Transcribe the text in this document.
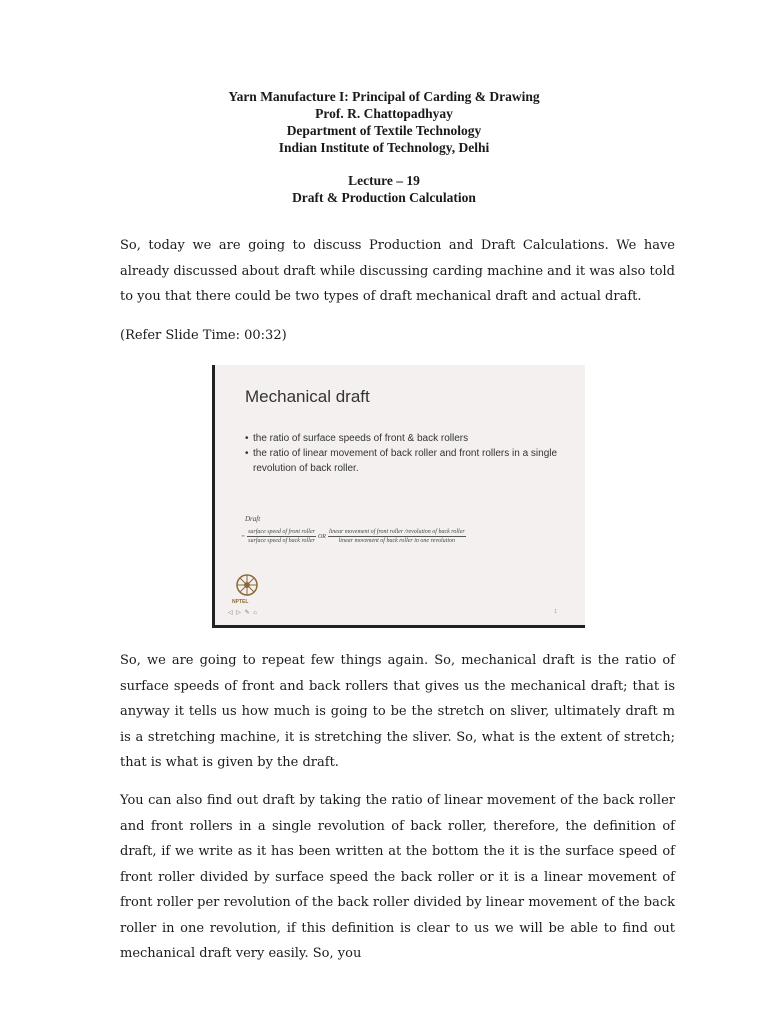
Yarn Manufacture I: Principal of Carding & Drawing
Prof. R. Chattopadhyay
Department of Textile Technology
Indian Institute of Technology, Delhi
Lecture – 19
Draft & Production Calculation

So, today we are going to discuss Production and Draft Calculations. We have already discussed about draft while discussing carding machine and it was also told to you that there could be two types of draft mechanical draft and actual draft.

(Refer Slide Time: 00:32)
Mechanical draft
• the ratio of surface speeds of front & back rollers
• the ratio of linear movement of back roller and front rollers in a single revolution of back roller.
Draft
= $\frac{\text{surface speed of front roller}}{\text{surface speed of back roller}}$ OR $\frac{\text{linear movement of front roller /revolution of back roller}}{\text{linear movement of back roller in one revolution}}$
NPTEL
◁ ▷ ✎ ⌂	1

So, we are going to repeat few things again. So, mechanical draft is the ratio of surface speeds of front and back rollers that gives us the mechanical draft; that is anyway it tells us how much is going to be the stretch on sliver, ultimately draft m is a stretching machine, it is stretching the sliver. So, what is the extent of stretch; that is what is given by the draft.

You can also find out draft by taking the ratio of linear movement of the back roller and front rollers in a single revolution of back roller, therefore, the definition of draft, if we write as it has been written at the bottom the it is the surface speed of front roller divided by surface speed the back roller or it is a linear movement of front roller per revolution of the back roller divided by linear movement of the back roller in one revolution, if this definition is clear to us we will be able to find out mechanical draft very easily. So, you
